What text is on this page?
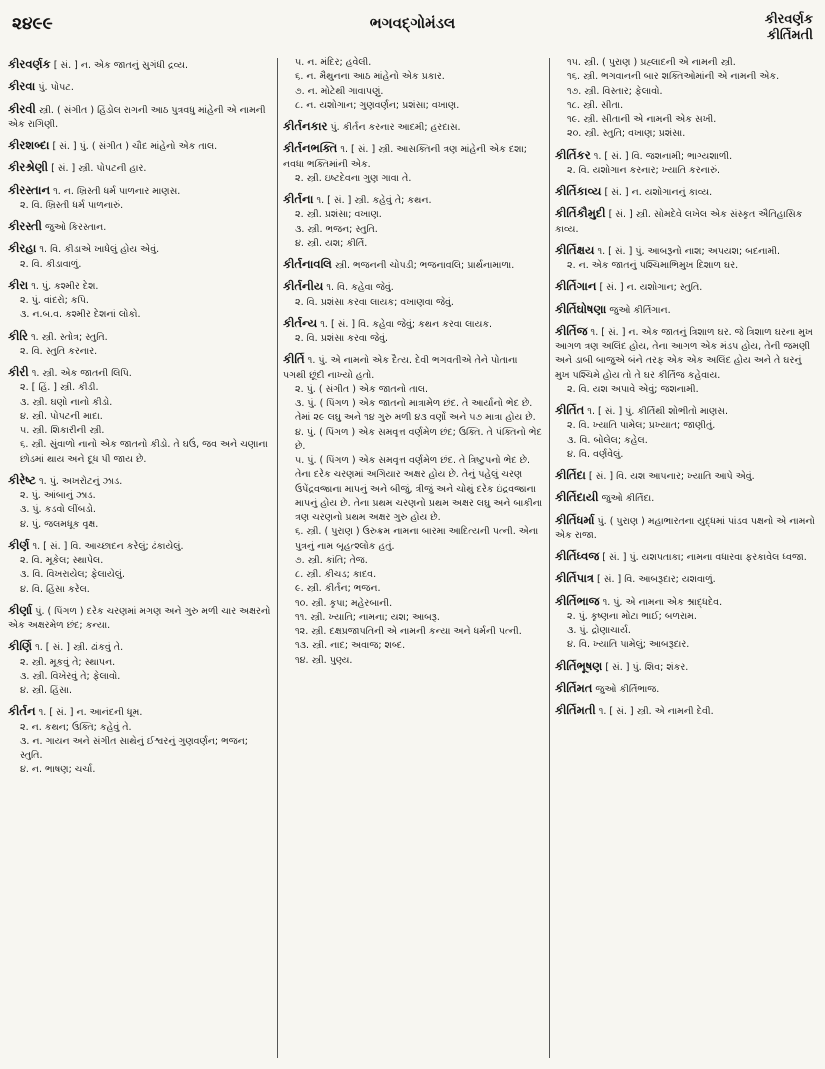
૨૪૯૯	ભગવદ્ગોમંડલ	કીરવર્ણક
કીર્તિમતી
કીરવર્ણક [ સં. ] ન. એક જાતનું સુગંધી દ્રવ્ય.
કીરવા પું. પોપટ.
કીરવી સ્ત્રી. ( સંગીત ) હિંડોલ રાગની આઠ પુત્રવધુ માંહેની એ નામની એક રાગિણી.
કીરશબ્દા [ સં. ] પું. ( સંગીત ) ચૌદ માંહેનો એક તાલ.
કીરશ્રેણી [ સં. ] સ્ત્રી. પોપટની હાર.
કીરસ્તાન ૧. ન. ખ્રિસ્તી ધર્મ પાળનાર માણસ.
૨. વિ. ખ્રિસ્તી ધર્મ પાળનારું.
કીરસ્તી જુઓ કિરસ્તાન.
કીરહા ૧. વિ. કીડાએ ખાધેલું હોય એવું.
૨. વિ. કીડાવાળું.
કીરા ૧. પું. કશ્મીર દેશ.
૨. પું. વાંદરો; કપિ.
૩. ન.બ.વ. કશ્મીર દેશનાં લોકો.
કીરિ ૧. સ્ત્રી. સ્તોત્ર; સ્તુતિ.
૨. વિ. સ્તુતિ કરનાર.
કીરી ૧. સ્ત્રી. એક જાતની લિપિ.
૨. [ હિં. ] સ્ત્રી. કીડી.
૩. સ્ત્રી. ઘણો નાનો કીડો.
૪. સ્ત્રી. પોપટની માદા.
૫. સ્ત્રી. શિકારીની સ્ત્રી.
૬. સ્ત્રી. સુંવાળો નાનો એક જાતનો કીડો. તે ઘઉં, જવ અને ચણાના છોડમાં થાય અને દૂધ પી જાય છે.
કીરેષ્ટ ૧. પું. અખરોટનું ઝાડ.
૨. પું. આંબાનું ઝાડ.
૩. પું. કડવો લીંબડો.
૪. પું. જલમધૂક વૃક્ષ.
કીર્ણ ૧. [ સં. ] વિ. આચ્છાદન કરેલું; ઢંકાયેલું.
૨. વિ. મૂકેલ; સ્થાપેલ.
૩. વિ. વિખરાયેલ; ફેલાયેલું.
૪. વિ. હિંસા કરેલ.
કીર્ણા પું. ( પિંગળ ) દરેક ચરણમાં મગણ અને ગુરુ મળી ચાર અક્ષરનો એક અક્ષરમેળ છંદ; કન્યા.
કીર્ણિ ૧. [ સં. ] સ્ત્રી. ઢાંકવું તે.
૨. સ્ત્રી. મૂકવું તે; સ્થાપન.
૩. સ્ત્રી. વિખેરવું તે; ફેલાવો.
૪. સ્ત્રી. હિંસા.
કીર્તન ૧. [ સં. ] ન. આનંદની ધૂમ.
૨. ન. કથન; ઉક્તિ; કહેવું તે.
૩. ન. ગાયન અને સંગીત સાથેનું ઈશ્વરનું ગુણવર્ણન; ભજન; સ્તુતિ.
૪. ન. ભાષણ; ચર્ચા.
૫. ન. મંદિર; હવેલી.
૬. ન. મૈથુનના આઠ માંહેનો એક પ્રકાર.
૭. ન. મોટેથી ગાવાપણું.
૮. ન. યશોગાન; ગુણવર્ણન; પ્રશંસા; વખાણ.
કીર્તનકાર પું. કીર્તન કરનાર આદમી; હરદાસ.
કીર્તનભક્તિ ૧. [ સં. ] સ્ત્રી. આસક્તિની ત્રણ માંહેની એક દશા; નવધા ભક્તિમાંની એક.
૨. સ્ત્રી. ઇષ્ટદેવના ગુણ ગાવા તે.
કીર્તના ૧. [ સં. ] સ્ત્રી. કહેવું તે; કથન.
૨. સ્ત્રી. પ્રશંસા; વખાણ.
૩. સ્ત્રી. ભજન; સ્તુતિ.
૪. સ્ત્રી. યશ; કીર્તિ.
કીર્તનાવલિ સ્ત્રી. ભજનની ચોપડી; ભજનાવલિ; પ્રાર્થનામાળા.
કીર્તનીય ૧. વિ. કહેવા જેવું.
૨. વિ. પ્રશંસા કરવા લાયક; વખાણવા જેવું.
કીર્તન્ય ૧. [ સં. ] વિ. કહેવા જેવું; કથન કરવા લાયક.
૨. વિ. પ્રશંસા કરવા જેવું.
કીર્તિ ૧. પું. એ નામનો એક દૈત્ય. દેવી ભગવતીએ તેને પોતાના પગથી છૂંદી નાખ્યો હતો.
૨. પું. ( સંગીત ) એક જાતનો તાલ.
૩. પું. ( પિંગળ ) એક જાતનો માત્રામેળ છંદ. તે આર્યાનો ભેદ છે. તેમાં ૨૯ લઘુ અને ૧૪ ગુરુ મળી ૪૩ વર્ણો અને ૫૭ માત્રા હોય છે.
૪. પું. ( પિંગળ ) એક સમવૃત્ત વર્ણમેળ છંદ; ઉક્તિ. તે પંક્તિનો ભેદ છે.
૫. પું. ( પિંગળ ) એક સમવૃત્ત વર્ણમેળ છંદ. તે ત્રિષ્ટુપનો ભેદ છે. તેના દરેક ચરણમાં અગિયાર અક્ષર હોય છે. તેનું પહેલું ચરણ ઉપેંદ્રવજ્રાના માપનું અને બીજું, ત્રીજું અને ચોથું દરેક ઇંદ્રવજ્રાના માપનું હોય છે. તેના પ્રથમ ચરણનો પ્રથમ અક્ષર લઘુ અને બાકીના ત્રણ ચરણનો પ્રથમ અક્ષર ગુરુ હોય છે.
૬. સ્ત્રી. ( પુરાણ ) ઉરુક્રમ નામના બારમા આદિત્યની પત્ની. એના પુત્રનું નામ બૃહત્શ્લોક હતું.
૭. સ્ત્રી. કાંતિ; તેજ.
૮. સ્ત્રી. કીચડ; કાદવ.
૯. સ્ત્રી. કીર્તન; ભજન.
૧૦. સ્ત્રી. કૃપા; મહેરબાની.
૧૧. સ્ત્રી. ખ્યાતિ; નામના; યશ; આબરૂ.
૧૨. સ્ત્રી. દક્ષપ્રજાપતિની એ નામની કન્યા અને ધર્મની પત્ની.
૧૩. સ્ત્રી. નાદ; અવાજ; શબ્દ.
૧૪. સ્ત્રી. પુણ્ય.
૧૫. સ્ત્રી. ( પુરાણ ) પ્રહ્લાદની એ નામની સ્ત્રી.
૧૬. સ્ત્રી. ભગવાનની બાર શક્તિઓમાંની એ નામની એક.
૧૭. સ્ત્રી. વિસ્તાર; ફેલાવો.
૧૮. સ્ત્રી. સીતા.
૧૯. સ્ત્રી. સીતાની એ નામની એક સખી.
૨૦. સ્ત્રી. સ્તુતિ; વખાણ; પ્રશંસા.
કીર્તિકર ૧. [ સં. ] વિ. જશનામી; ભાગ્યશાળી.
૨. વિ. યશોગાન કરનાર; ખ્યાતિ કરનારું.
કીર્તિકાવ્ય [ સં. ] ન. યશોગાનનું કાવ્ય.
કીર્તિકૌમુદી [ સં. ] સ્ત્રી. સોમદેવે લખેલ એક સંસ્કૃત ઐતિહાસિક કાવ્ય.
કીર્તિક્ષય ૧. [ સં. ] પું. આબરૂનો નાશ; અપયશ; બદનામી.
૨. ન. એક જાતનું પશ્ચિમાભિમુખ દિશાળ ઘર.
કીર્તિગાન [ સં. ] ન. યશોગાન; સ્તુતિ.
કીર્તિઘોષણા જુઓ કીર્તિગાન.
કીર્તિજ ૧. [ સં. ] ન. એક જાતનું ત્રિશાળ ઘર. જે ત્રિશાળ ઘરના મુખ આગળ ત્રણ અલિંદ હોય, તેના આગળ એક મંડપ હોય, તેની જમણી અને ડાબી બાજુએ બંને તરફ એક એક અલિંદ હોય અને તે ઘરનું મુખ પશ્ચિમે હોય તો તે ઘર કીર્તિજ કહેવાય.
૨. વિ. યશ અપાવે એવું; જશનામી.
કીર્તિત ૧. [ સં. ] પું. કીર્તિથી શોભીતો માણસ.
૨. વિ. ખ્યાતિ પામેલ; પ્રખ્યાત; જાણીતું.
૩. વિ. બોલેલ; કહેલ.
૪. વિ. વર્ણવેલું.
કીર્તિદા [ સં. ] વિ. યશ આપનાર; ખ્યાતિ આપે એવું.
કીર્તિદાયી જુઓ કીર્તિદા.
કીર્તિધર્મા પું. ( પુરાણ ) મહાભારતના યુદ્ધમાં પાંડવ પક્ષનો એ નામનો એક રાજા.
કીર્તિધ્વજ [ સં. ] પું. યશપતાકા; નામના વધારવા ફરકાવેલ ધ્વજા.
કીર્તિપાત્ર [ સં. ] વિ. આબરૂદાર; યશવાળું.
કીર્તિભાજ ૧. પું. એ નામના એક શ્રાદ્ધદેવ.
૨. પું. કૃષ્ણના મોટા ભાઈ; બળરામ.
૩. પું. દ્રોણાચાર્ય.
૪. વિ. ખ્યાતિ પામેલું; આબરૂદાર.
કીર્તિભૂષણ [ સં. ] પું. શિવ; શંકર.
કીર્તિમત જુઓ કીર્તિભાજ.
કીર્તિમતી ૧. [ સં. ] સ્ત્રી. એ નામની દેવી.
